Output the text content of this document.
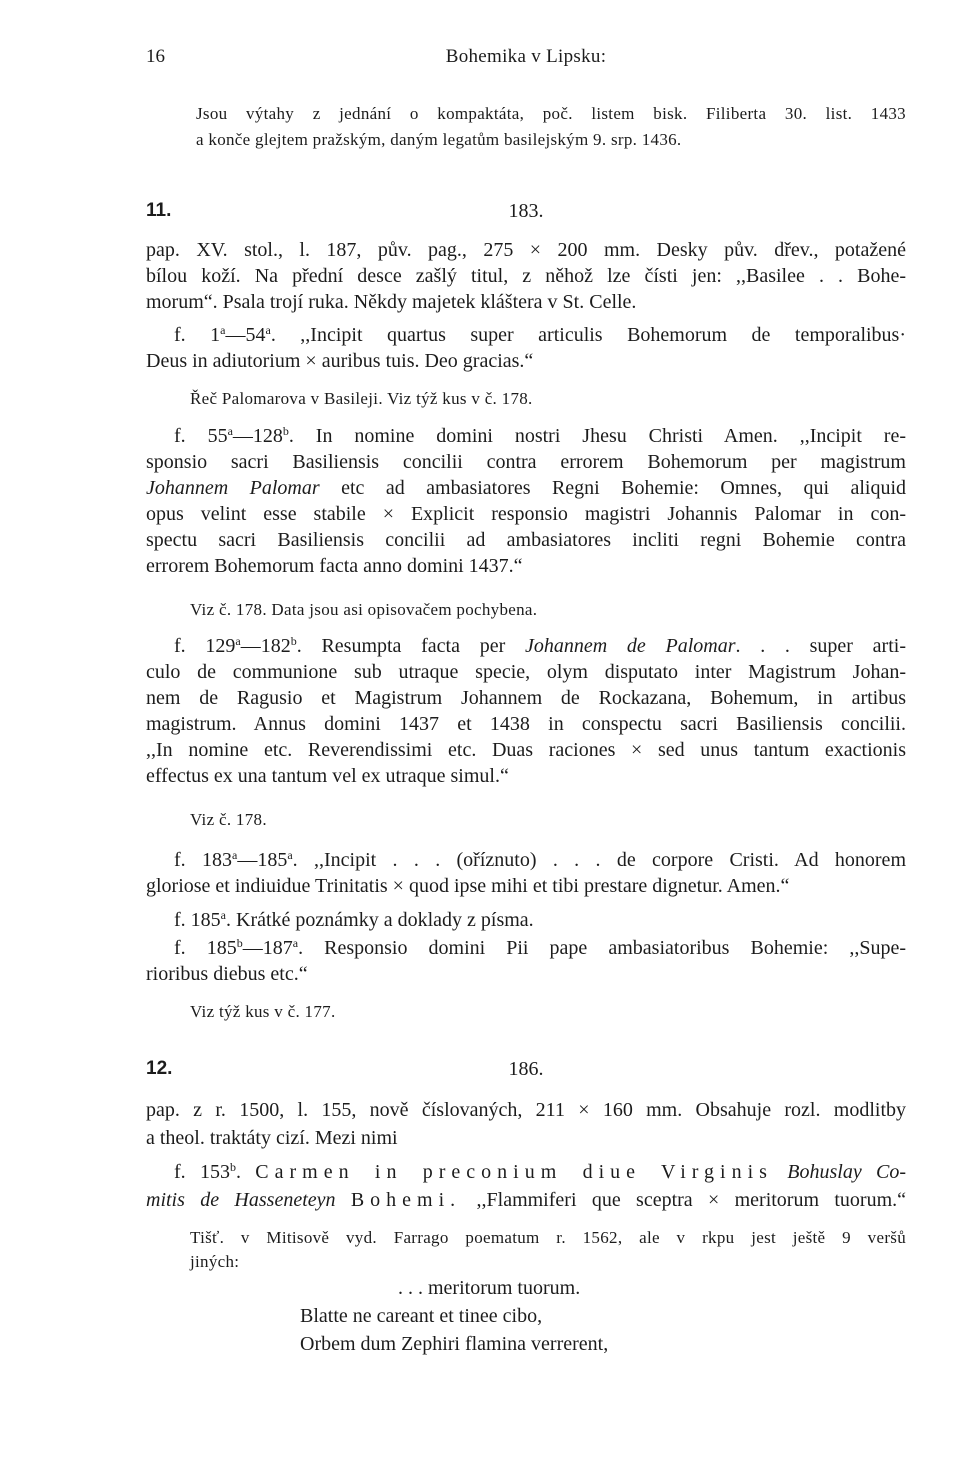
16	Bohemika v Lipsku:
Jsou výtahy z jednání o kompaktáta, poč. listem bisk. Filiberta 30. list. 1433
a konče glejtem pražským, daným legatům basilejským 9. srp. 1436.
11.	183.
pap. XV. stol., l. 187, pův. pag., 275 × 200 mm. Desky pův. dřev., potažené
bílou koží. Na přední desce zašlý titul, z něhož lze čísti jen: ,,Basilee . . Bohe-
morum“. Psala trojí ruka. Někdy majetek kláštera v St. Celle.
f. 1$^a$—54$^a$. ,,Incipit quartus super articulis Bohemorum de temporalibus·
Deus in adiutorium × auribus tuis. Deo gracias.“
Řeč Palomarova v Basileji. Viz týž kus v č. 178.
f. 55$^a$—128$^b$. In nomine domini nostri Jhesu Christi Amen. ,,Incipit re-
sponsio sacri Basiliensis concilii contra errorem Bohemorum per magistrum
Johannem Palomar etc ad ambasiatores Regni Bohemie: Omnes, qui aliquid
opus velint esse stabile × Explicit responsio magistri Johannis Palomar in con-
spectu sacri Basiliensis concilii ad ambasiatores incliti regni Bohemie contra
errorem Bohemorum facta anno domini 1437.“
Viz č. 178. Data jsou asi opisovačem pochybena.
f. 129$^a$—182$^b$. Resumpta facta per Johannem de Palomar. . . super arti-
culo de communione sub utraque specie, olym disputato inter Magistrum Johan-
nem de Ragusio et Magistrum Johannem de Rockazana, Bohemum, in artibus
magistrum. Annus domini 1437 et 1438 in conspectu sacri Basiliensis concilii.
,,In nomine etc. Reverendissimi etc. Duas raciones × sed unus tantum exactionis
effectus ex una tantum vel ex utraque simul.“
Viz č. 178.
f. 183$^a$—185$^a$. ,,Incipit . . . (oříznuto) . . . de corpore Cristi. Ad honorem
gloriose et indiuidue Trinitatis × quod ipse mihi et tibi prestare dignetur. Amen.“
f. 185$^a$. Krátké poznámky a doklady z písma.
f. 185$^b$—187$^a$. Responsio domini Pii pape ambasiatoribus Bohemie: ,,Supe-
rioribus diebus etc.“
Viz týž kus v č. 177.
12.	186.
pap. z r. 1500, l. 155, nově číslovaných, 211 × 160 mm. Obsahuje rozl. modlitby
a theol. traktáty cizí. Mezi nimi
f. 153$^b$. Carmen in preconium diue Virginis Bohuslay Co-
mitis de Hasseneteyn Bohemi. ,,Flammiferi que sceptra × meritorum tuorum.“
Tišť. v Mitisově vyd. Farrago poematum r. 1562, ale v rkpu jest ještě 9 veršů
jiných:
. . . meritorum tuorum.
Blatte ne careant et tinee cibo,
Orbem dum Zephiri flamina verrerent,
